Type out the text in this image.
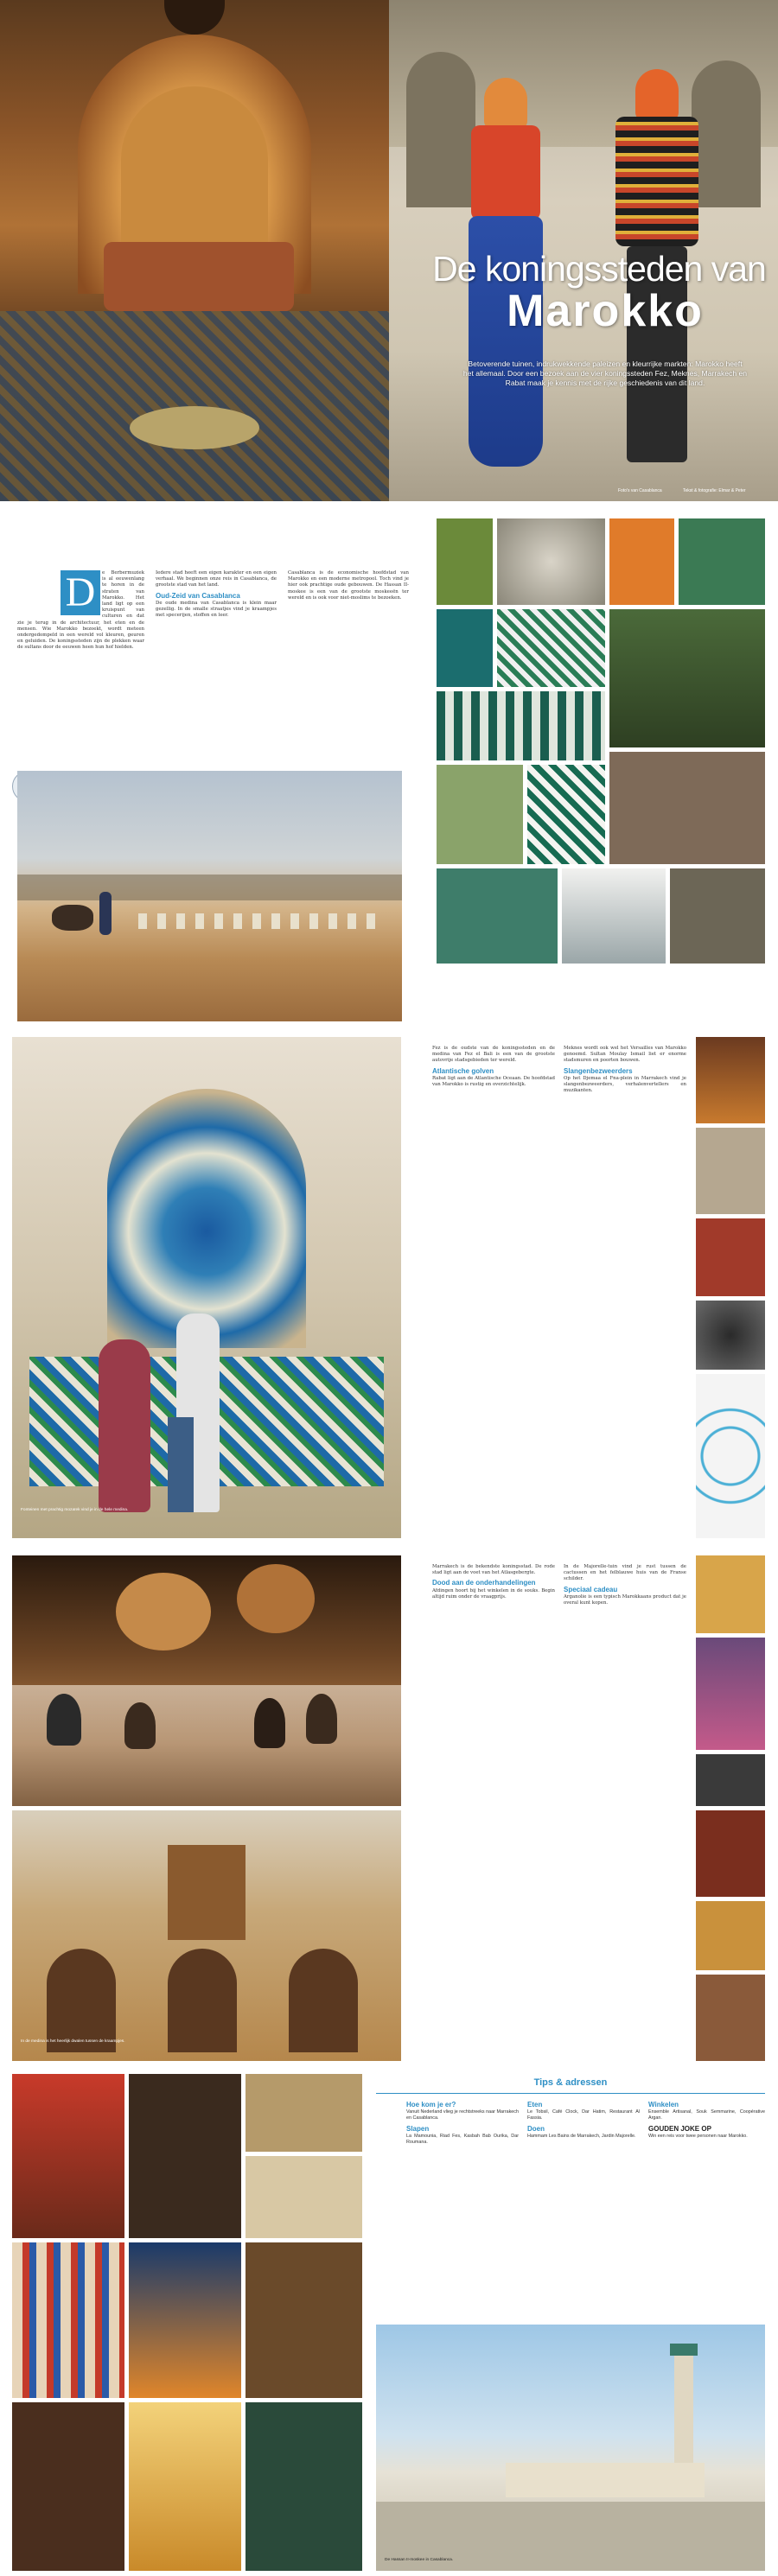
De koningssteden van
Marokko
Betoverende tuinen, indrukwekkende paleizen en kleurrijke markten: Marokko heeft het allemaal. Door een bezoek aan de vier koningssteden Fez, Meknes, Marrakech en Rabat maak je kennis met de rijke geschiedenis van dit land.
Foto's van Casablanca	Tekst & fotografie: Elmar & Peter
D	e Berbermuziek is al eeuwenlang te horen in de straten van Marokko. Het land ligt op een kruispunt van culturen en dat zie je terug in de architectuur, het eten en de mensen. Wie Marokko bezoekt, wordt meteen ondergedompeld in een wereld vol kleuren, geuren en geluiden. De koningssteden zijn de plekken waar de sultans door de eeuwen heen hun hof hielden.

Iedere stad heeft een eigen karakter en een eigen verhaal. We beginnen onze reis in Casablanca, de grootste stad van het land.

Oud-Zeid van Casablanca

De oude medina van Casablanca is klein maar gezellig. In de smalle straatjes vind je kraampjes met specerijen, stoffen en leer.

Casablanca is de economische hoofdstad van Marokko en een moderne metropool. Toch vind je hier ook prachtige oude gebouwen. De Hassan II-moskee is een van de grootste moskeeën ter wereld en is ook voor niet-moslims te bezoeken.

Fonteinen met prachtig mozaïek vind je in de hele medina.

Fez is de oudste van de koningssteden en de medina van Fez el Bali is een van de grootste autovrije stadsgebieden ter wereld.

Atlantische golven

Rabat ligt aan de Atlantische Oceaan. De hoofdstad van Marokko is rustig en overzichtelijk.

Meknes wordt ook wel het Versailles van Marokko genoemd. Sultan Moulay Ismail liet er enorme stadsmuren en poorten bouwen.

Slangenbezweerders

Op het Djemaa el Fna-plein in Marrakech vind je slangenbezweerders, verhalenvertellers en muzikanten.

In de medina is het heerlijk dwalen tussen de kraampjes.

Marrakech is de bekendste koningsstad. De rode stad ligt aan de voet van het Atlasgebergte.

Dood aan de onderhandelingen

Afdingen hoort bij het winkelen in de souks. Begin altijd ruim onder de vraagprijs.

In de Majorelle-tuin vind je rust tussen de cactussen en het felblauwe huis van de Franse schilder.

Speciaal cadeau

Arganolie is een typisch Marokkaans product dat je overal kunt kopen.

Tips & adressen
Hoe kom je er?

Vanuit Nederland vlieg je rechtstreeks naar Marrakech en Casablanca.

Slapen

La Mamounia, Riad Fes, Kasbah Bab Ourika, Dar Roumana.

Eten

Le Tobsil, Café Clock, Dar Hatim, Restaurant Al Fassia.

Doen

Hammam Les Bains de Marrakech, Jardin Majorelle.

Winkelen

Ensemble Artisanal, Souk Semmarine, Coopérative Argan.

GOUDEN JOKE OP

Win een reis voor twee personen naar Marokko.

De Hassan II-moskee in Casablanca.
